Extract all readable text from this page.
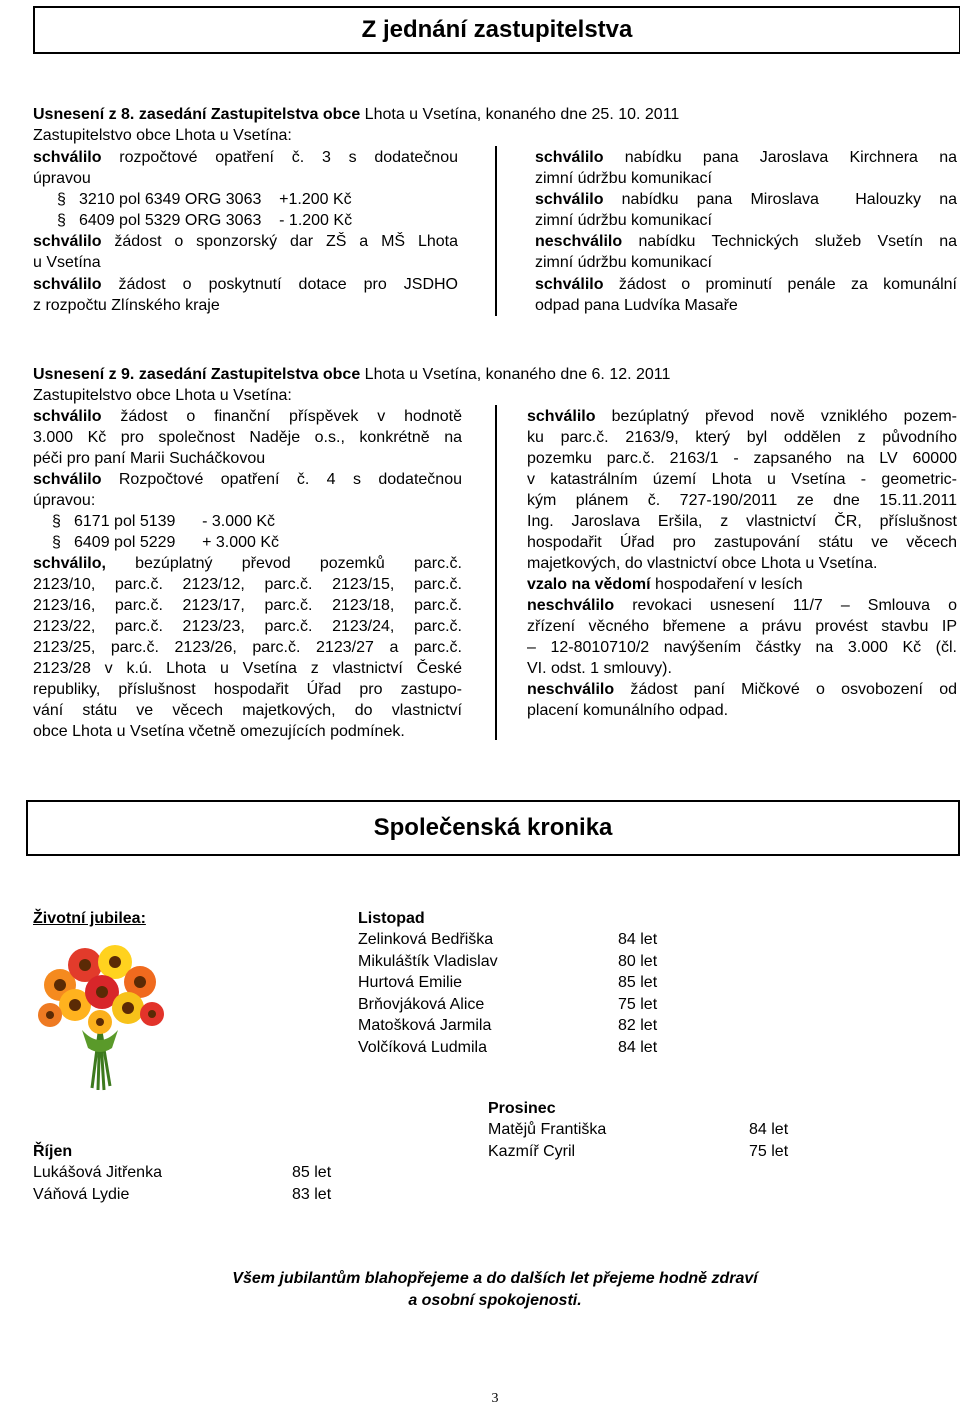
Z jednání zastupitelstva
Usnesení z 8. zasedání Zastupitelstva obce Lhota u Vsetína, konaného dne 25. 10. 2011
Zastupitelstvo obce Lhota u Vsetína:
schválilo rozpočtové opatření č. 3 s dodatečnou
úpravou
§ 3210 pol 6349 ORG 3063    +1.200 Kč
§ 6409 pol 5329 ORG 3063    - 1.200 Kč
schválilo žádost o sponzorský dar ZŠ a MŠ Lhota
u Vsetína
schválilo žádost o poskytnutí dotace pro JSDHO
z rozpočtu Zlínského kraje
schválilo nabídku pana Jaroslava Kirchnera na
zimní údržbu komunikací
schválilo nabídku pana Miroslava  Halouzky na
zimní údržbu komunikací
neschválilo nabídku Technických služeb Vsetín na
zimní údržbu komunikací
schválilo žádost o prominutí penále za komunální
odpad pana Ludvíka Masaře
Usnesení z 9. zasedání Zastupitelstva obce Lhota u Vsetína, konaného dne 6. 12. 2011
Zastupitelstvo obce Lhota u Vsetína:
schválilo žádost o finanční příspěvek v hodnotě
3.000 Kč pro společnost Naděje o.s., konkrétně na
péči pro paní Marii Sucháčkovou
schválilo Rozpočtové opatření č. 4 s dodatečnou
úpravou:
§ 6171 pol 5139      - 3.000 Kč
§ 6409 pol 5229      + 3.000 Kč
schválilo, bezúplatný převod pozemků parc.č.
2123/10, parc.č. 2123/12, parc.č. 2123/15, parc.č.
2123/16, parc.č. 2123/17, parc.č. 2123/18, parc.č.
2123/22, parc.č. 2123/23, parc.č. 2123/24, parc.č.
2123/25, parc.č. 2123/26, parc.č. 2123/27 a parc.č.
2123/28 v k.ú. Lhota u Vsetína z vlastnictví České
republiky, příslušnost hospodařit Úřad pro zastupo-
vání státu ve věcech majetkových, do vlastnictví
obce Lhota u Vsetína včetně omezujících podmínek.
schválilo bezúplatný převod nově vzniklého pozem-
ku parc.č. 2163/9, který byl oddělen z původního
pozemku parc.č. 2163/1 - zapsaného na LV 60000
v katastrálním území Lhota u Vsetína - geometric-
kým plánem č. 727-190/2011 ze dne 15.11.2011
Ing. Jaroslava Eršila, z vlastnictví ČR, příslušnost
hospodařit Úřad pro zastupování státu ve věcech
majetkových, do vlastnictví obce Lhota u Vsetína.
vzalo na vědomí hospodaření v lesích
neschválilo revokaci usnesení 11/7 – Smlouva o
zřízení věcného břemene a právu provést stavbu IP
– 12-8010710/2 navýšením částky na 3.000 Kč (čl.
VI. odst. 1 smlouvy).
neschválilo žádost paní Mičkové o osvobození od
placení komunálního odpad.
Společenská kronika
Životní jubilea:	Listopad
Zelinková Bedřiška	84 let
Mikuláštík Vladislav	80 let
Hurtová Emilie	85 let
Brňovjáková Alice	75 let
Matošková Jarmila	82 let
Volčíková Ludmila	84 let
Prosinec
Matějů Františka	84 let
Kazmíř Cyril	75 let
Říjen
Lukášová Jitřenka	85 let
Váňová Lydie	83 let
Všem jubilantům blahopřejeme a do dalších let přejeme hodně zdraví
a osobní spokojenosti.
3
